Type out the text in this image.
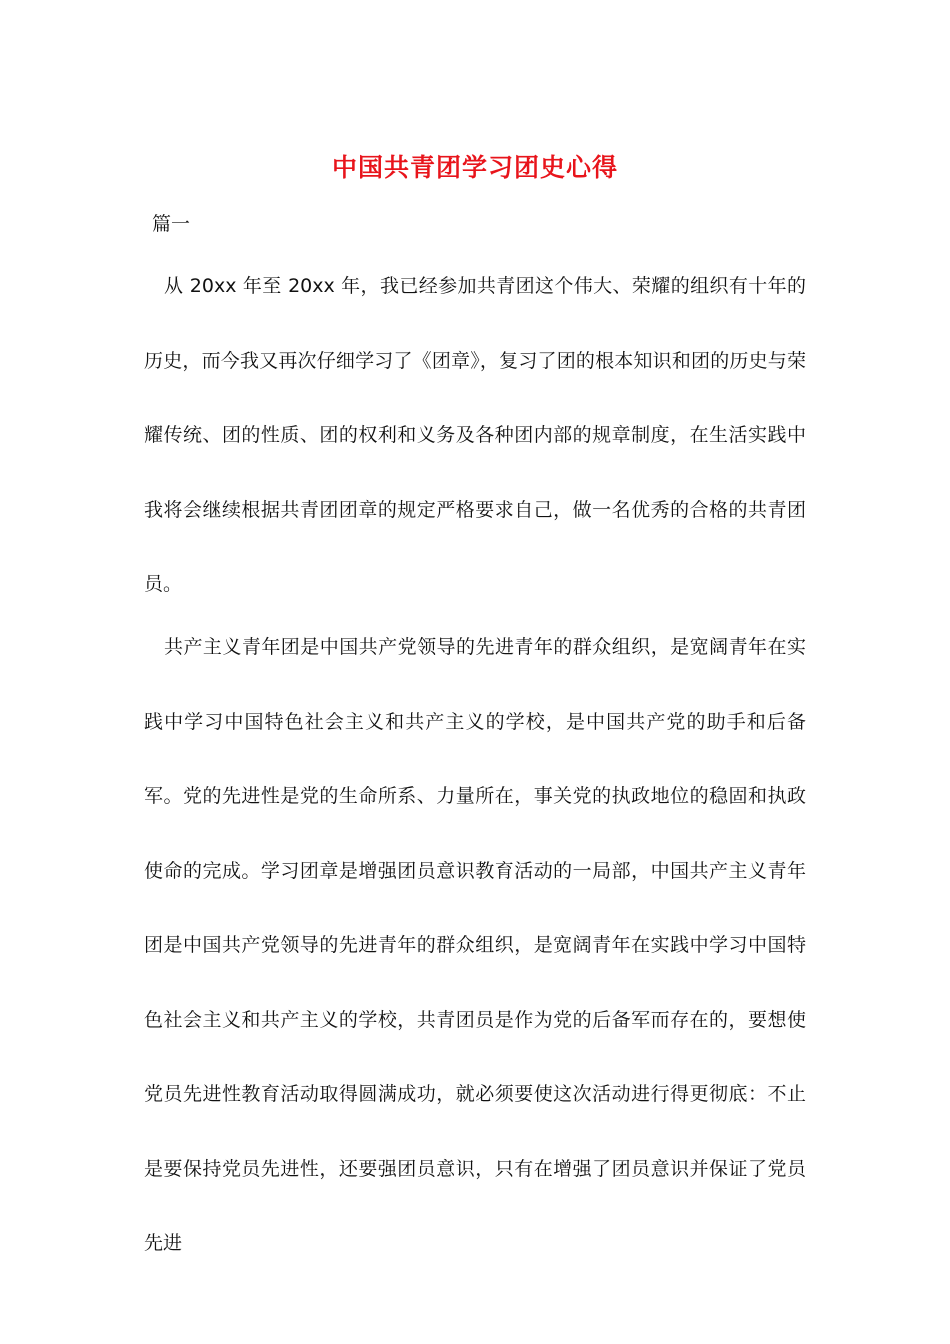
中国共青团学习团史心得
篇一

从 20xx 年至 20xx 年，我已经参加共青团这个伟大、荣耀的组织有十年的历史，而今我又再次仔细学习了《团章》，复习了团的根本知识和团的历史与荣耀传统、团的性质、团的权利和义务及各种团内部的规章制度，在生活实践中我将会继续根据共青团团章的规定严格要求自己，做一名优秀的合格的共青团员。

共产主义青年团是中国共产党领导的先进青年的群众组织，是宽阔青年在实践中学习中国特色社会主义和共产主义的学校，是中国共产党的助手和后备军。党的先进性是党的生命所系、力量所在，事关党的执政地位的稳固和执政使命的完成。学习团章是增强团员意识教育活动的一局部，中国共产主义青年团是中国共产党领导的先进青年的群众组织，是宽阔青年在实践中学习中国特色社会主义和共产主义的学校，共青团员是作为党的后备军而存在的，要想使党员先进性教育活动取得圆满成功，就必须要使这次活动进行得更彻底：不止是要保持党员先进性，还要强团员意识，只有在增强了团员意识并保证了党员先进
